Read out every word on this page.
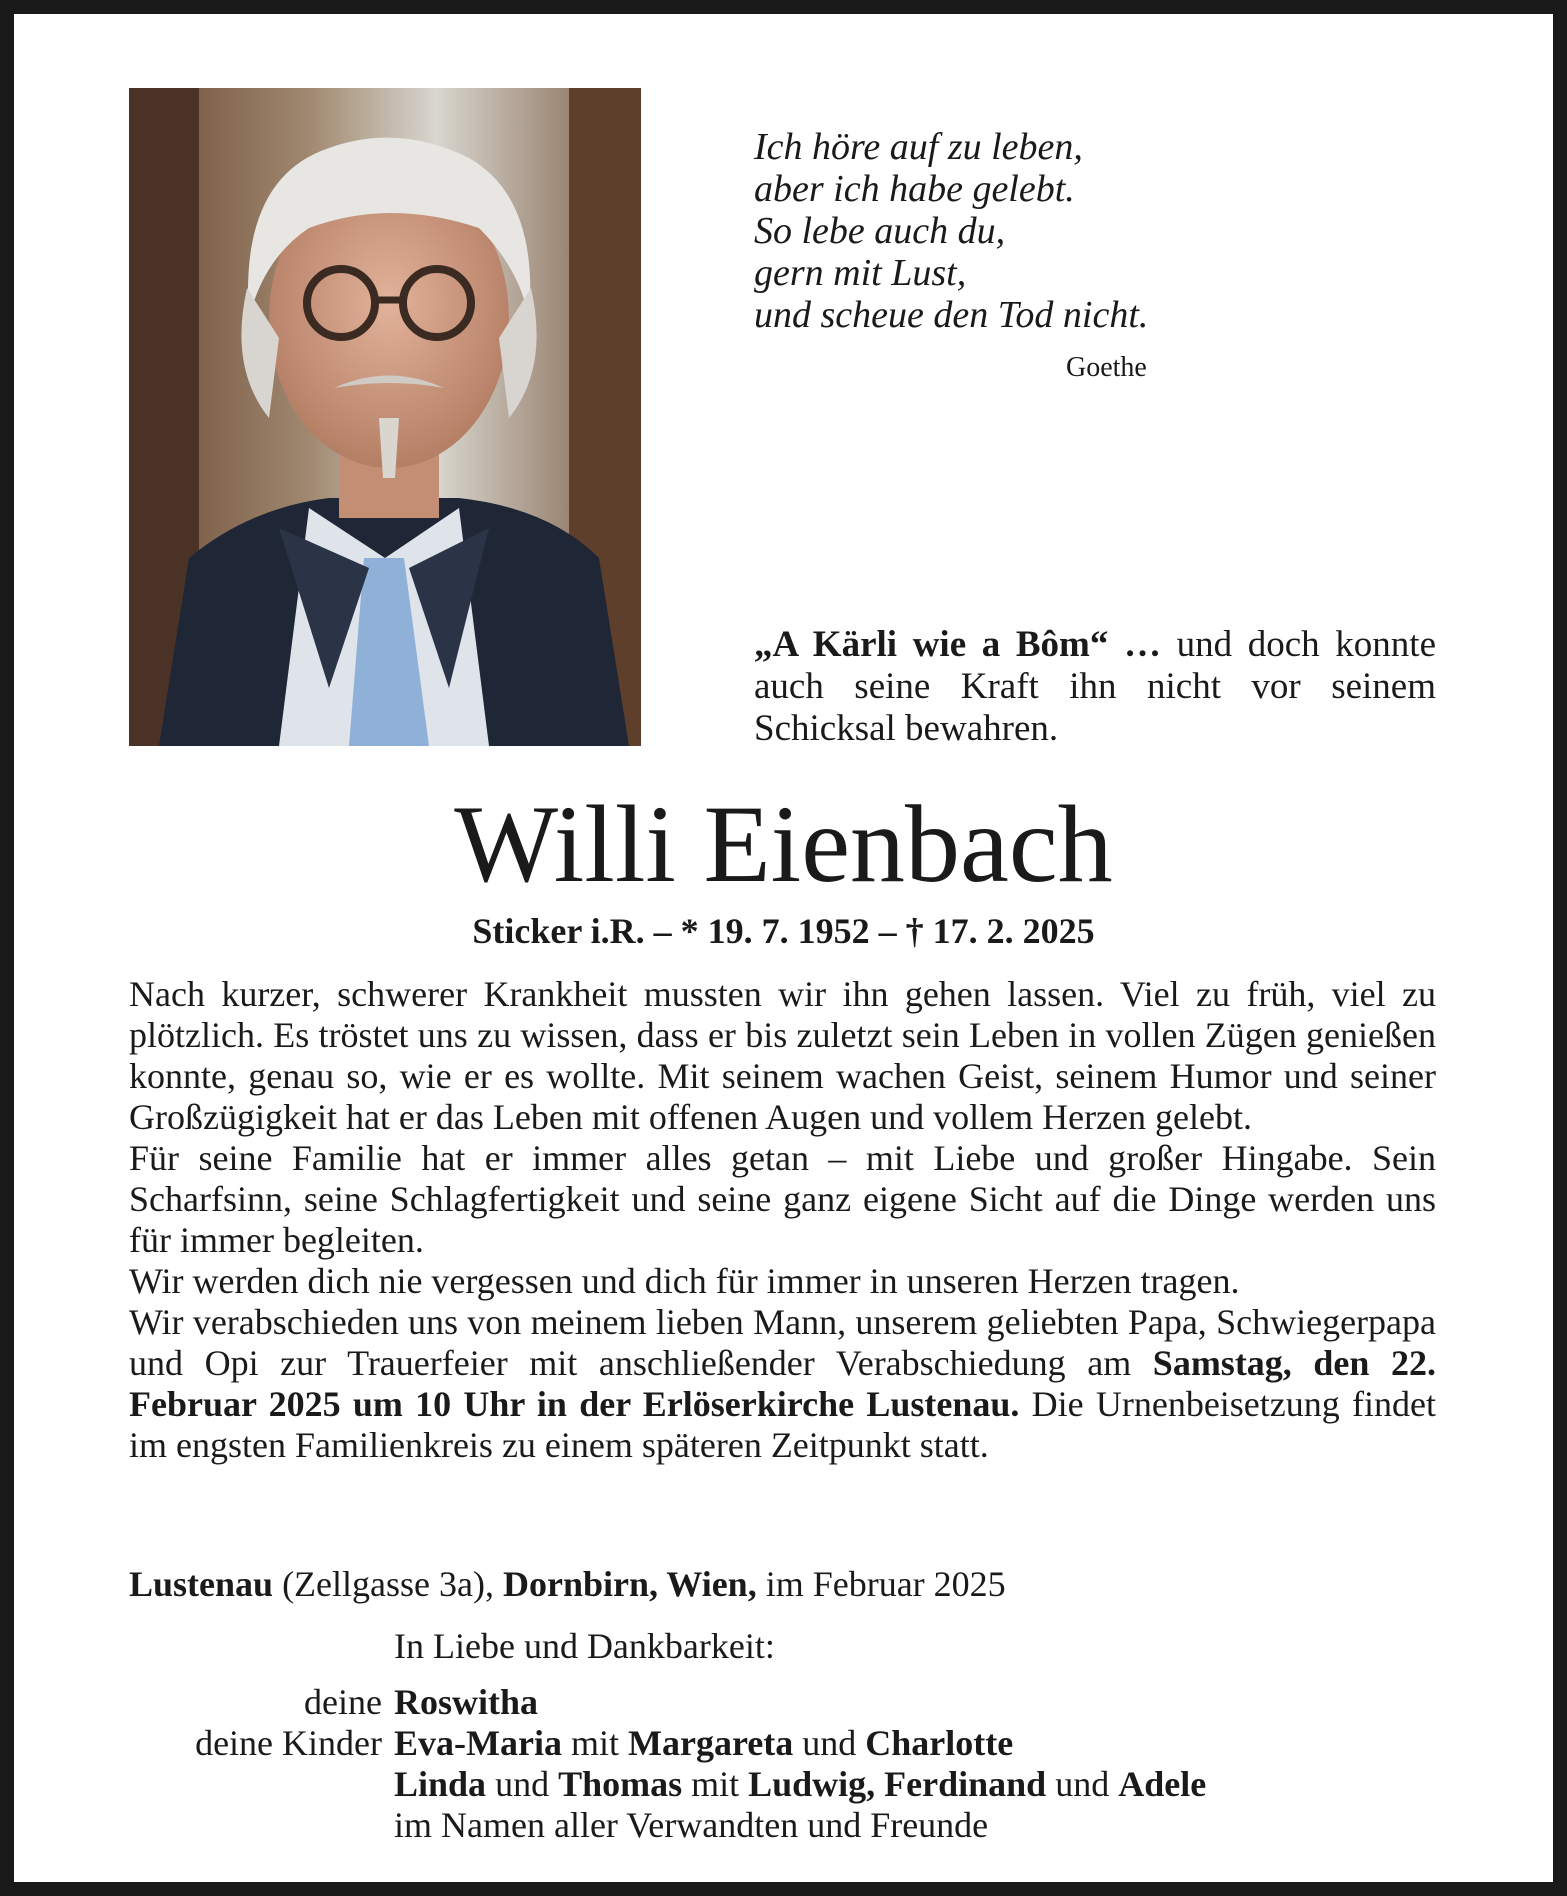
Ich höre auf zu leben,
aber ich habe gelebt.
So lebe auch du,
gern mit Lust,
und scheue den Tod nicht.
Goethe
„A Kärli wie a Bôm“ … und doch konnte auch seine Kraft ihn nicht vor seinem Schicksal bewahren.
Willi Eienbach
Sticker i.R. – * 19. 7. 1952 – † 17. 2. 2025

Nach kurzer, schwerer Krankheit mussten wir ihn gehen lassen. Viel zu früh, viel zu plötzlich. Es tröstet uns zu wissen, dass er bis zuletzt sein Leben in vollen Zügen genießen konnte, genau so, wie er es wollte. Mit seinem wachen Geist, seinem Humor und seiner Großzügigkeit hat er das Leben mit offenen Augen und vollem Herzen gelebt.

Für seine Familie hat er immer alles getan – mit Liebe und großer Hingabe. Sein Scharfsinn, seine Schlagfertigkeit und seine ganz eigene Sicht auf die Dinge werden uns für immer begleiten.

Wir werden dich nie vergessen und dich für immer in unseren Herzen tragen.

Wir verabschieden uns von meinem lieben Mann, unserem geliebten Papa, Schwiegerpapa und Opi zur Trauerfeier mit anschließender Verabschiedung am Samstag, den 22. Februar 2025 um 10 Uhr in der Erlöserkirche Lustenau. Die Urnenbeisetzung findet im engsten Familienkreis zu einem späteren Zeitpunkt statt.

Lustenau (Zellgasse 3a), Dornbirn, Wien, im Februar 2025
In Liebe und Dankbarkeit:
deine Roswitha
deine Kinder Eva-Maria mit Margareta und Charlotte
Linda und Thomas mit Ludwig, Ferdinand und Adele
im Namen aller Verwandten und Freunde
